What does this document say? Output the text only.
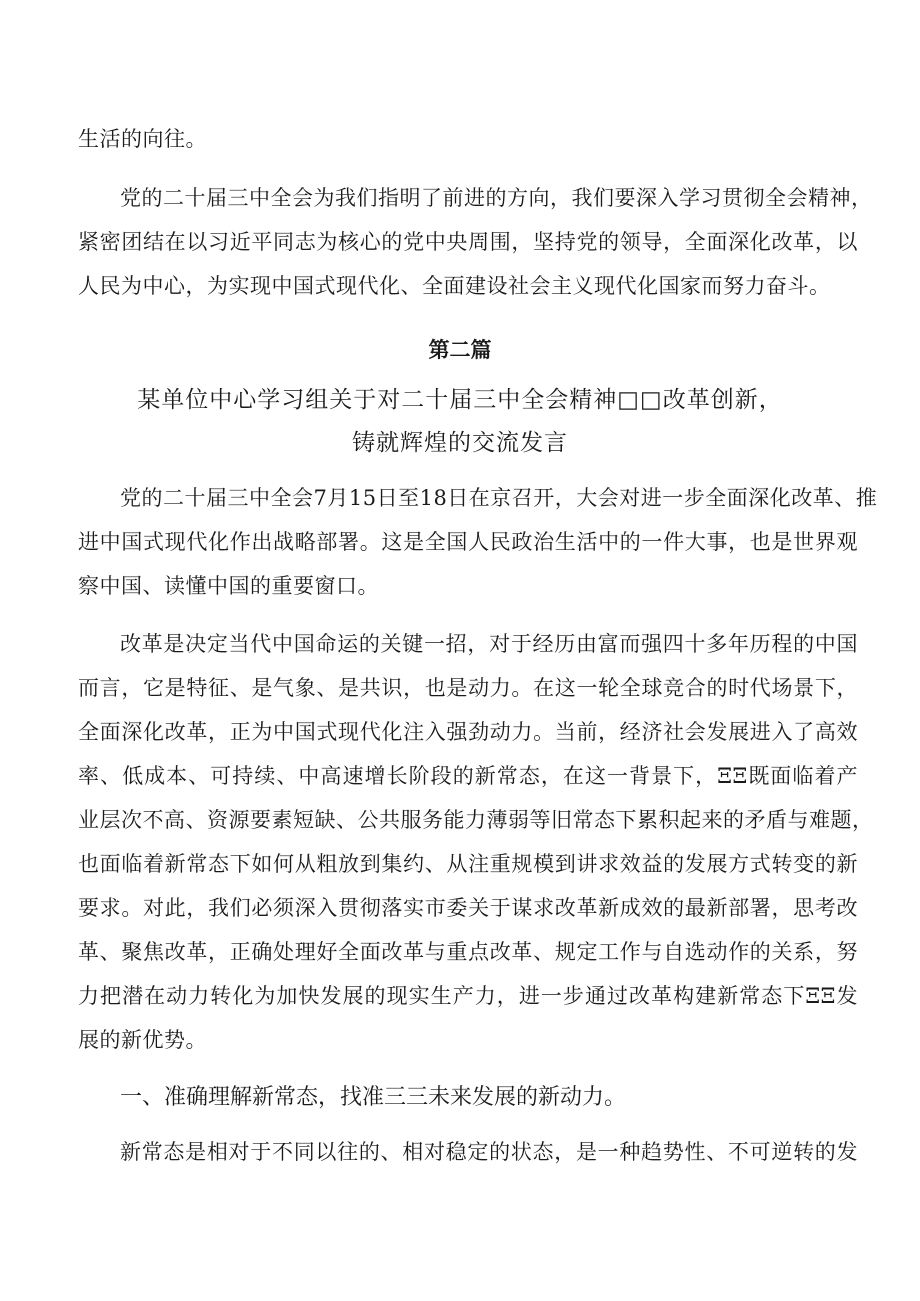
生活的向往。
党的二十届三中全会为我们指明了前进的方向，我们要深入学习贯彻全会精神，
紧密团结在以习近平同志为核心的党中央周围，坚持党的领导，全面深化改革，以
人民为中心，为实现中国式现代化、全面建设社会主义现代化国家而努力奋斗。
第二篇
某单位中心学习组关于对二十届三中全会精神□□改革创新，
铸就辉煌的交流发言
党的二十届三中全会7月15日至18日在京召开，大会对进一步全面深化改革、推
进中国式现代化作出战略部署。这是全国人民政治生活中的一件大事，也是世界观
察中国、读懂中国的重要窗口。
改革是决定当代中国命运的关键一招，对于经历由富而强四十多年历程的中国
而言，它是特征、是气象、是共识，也是动力。在这一轮全球竞合的时代场景下，
全面深化改革，正为中国式现代化注入强劲动力。当前，经济社会发展进入了高效
率、低成本、可持续、中高速增长阶段的新常态，在这一背景下，ΞΞ既面临着产
业层次不高、资源要素短缺、公共服务能力薄弱等旧常态下累积起来的矛盾与难题，
也面临着新常态下如何从粗放到集约、从注重规模到讲求效益的发展方式转变的新
要求。对此，我们必须深入贯彻落实市委关于谋求改革新成效的最新部署，思考改
革、聚焦改革，正确处理好全面改革与重点改革、规定工作与自选动作的关系，努
力把潜在动力转化为加快发展的现实生产力，进一步通过改革构建新常态下ΞΞ发
展的新优势。
一、准确理解新常态，找准三三未来发展的新动力。
新常态是相对于不同以往的、相对稳定的状态，是一种趋势性、不可逆转的发
